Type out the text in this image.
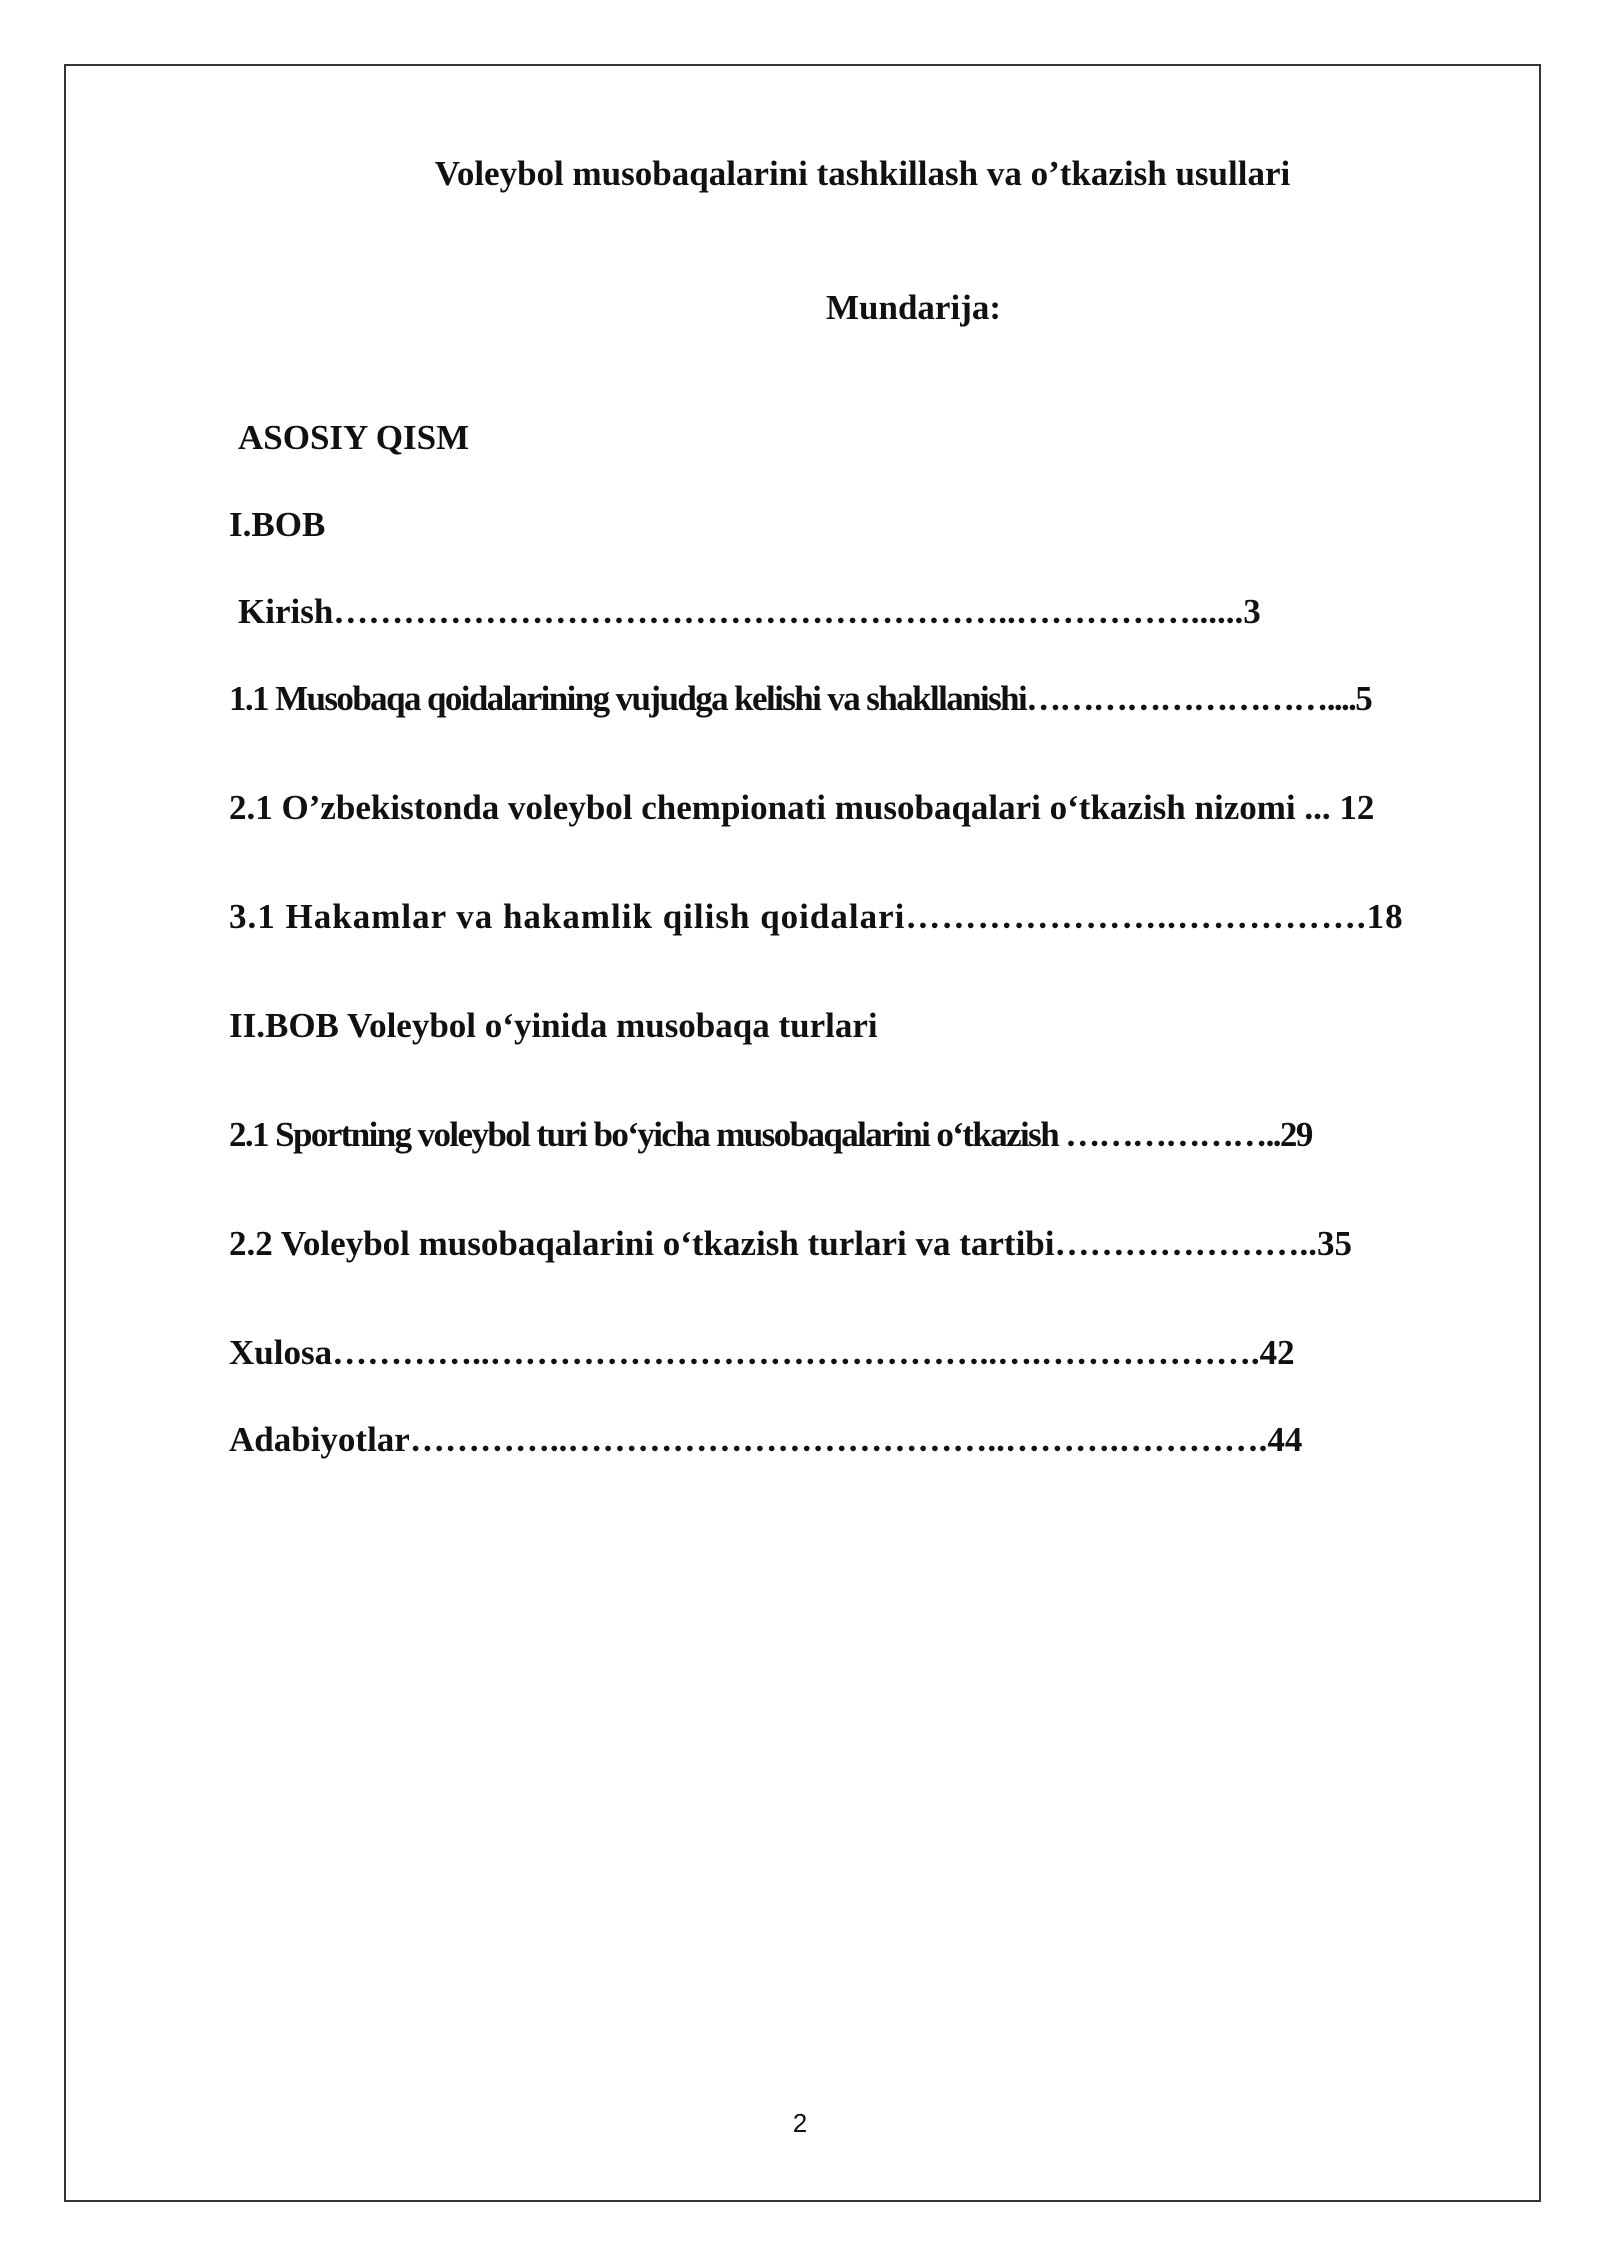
Voleybol musobaqalarini tashkillash va o’tkazish usullari

Mundarija:

ASOSIY QISM

I.BOB

Kirish…………………………………………………..……………......3

1.1 Musobaqa qoidalarining vujudga kelishi va shakllanishi………………………....5

2.1 O’zbekistonda voleybol chempionati musobaqalari o‘tkazish nizomi ... 12

3.1 Hakamlar va hakamlik qilish qoidalari…………………..…………….18

II.BOB Voleybol o‘yinida musobaqa turlari

2.1 Sportning voleybol turi bo‘yicha musobaqalarini o‘tkazish ………………..29

2.2 Voleybol musobaqalarini o‘tkazish turlari va tartibi…………………..35

Xulosa…………..……………………………………..….……………….42

Adabiyotlar…………..………………………………..……….………….44

2
